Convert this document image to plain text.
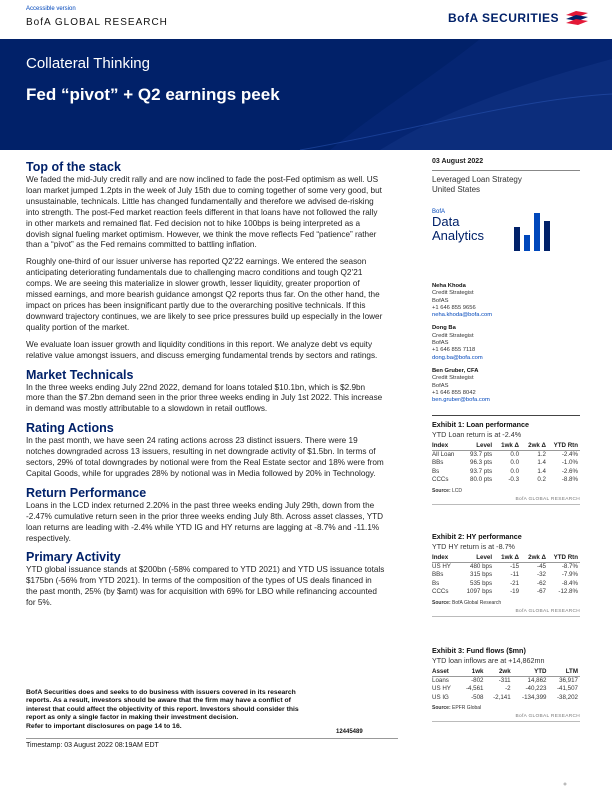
Accessible version
BofA GLOBAL RESEARCH	BofA SECURITIES
Collateral Thinking
Fed “pivot” + Q2 earnings peek
Top of the stack

We faded the mid-July credit rally and are now inclined to fade the post-Fed optimism as well. US loan market jumped 1.2pts in the week of July 15th due to coming together of some very good, but unsustainable, technicals. Little has changed fundamentally and therefore we advised de-risking into strength. The post-Fed market reaction feels different in that loans have not followed the rally in other markets and remained flat. Fed decision not to hike 100bps is being interpreted as a dovish signal fueling market optimism. However, we think the move reflects Fed “patience” rather than a “pivot” as the Fed remains committed to battling inflation.

Roughly one-third of our issuer universe has reported Q2’22 earnings. We entered the season anticipating deteriorating fundamentals due to challenging macro conditions and tough Q2’21 comps. We are seeing this materialize in slower growth, lesser liquidity, greater proportion of missed earnings, and more bearish guidance amongst Q2 reports thus far. On the other hand, the impact on prices has been insignificant partly due to the overarching positive technicals. If this downward trajectory continues, we are likely to see price pressures build up especially in the lower quality portion of the market.

We evaluate loan issuer growth and liquidity conditions in this report. We analyze debt vs equity relative value amongst issuers, and discuss emerging fundamental trends by sectors and ratings.

Market Technicals

In the three weeks ending July 22nd 2022, demand for loans totaled $10.1bn, which is $2.9bn more than the $7.2bn demand seen in the prior three weeks ending in July 1st 2022. This increase in demand was mostly attributable to a slowdown in retail outflows.

Rating Actions

In the past month, we have seen 24 rating actions across 23 distinct issuers. There were 19 notches downgraded across 13 issuers, resulting in net downgrade activity of $1.5bn. In terms of sectors, 29% of total downgrades by notional were from the Real Estate sector and 18% were from Capital Goods, while for upgrades 28% by notional was in Media followed by 20% in Technology.

Return Performance

Loans in the LCD index returned 2.20% in the past three weeks ending July 29th, down from the -2.47% cumulative return seen in the prior three weeks ending July 8th. Across asset classes, YTD loan returns are leading with -2.4% while YTD IG and HY returns are lagging at -8.7% and -11.1% respectively.

Primary Activity

YTD global issuance stands at $200bn (-58% compared to YTD 2021) and YTD US issuance totals $175bn (-56% from YTD 2021). In terms of the composition of the types of US deals financed in the past month, 25% (by $amt) was for acquisition with 69% for LBO while refinancing accounted for 5%.

03 August 2022
Leveraged Loan Strategy
United States
BofA
Data
Analytics
Neha Khoda
Credit Strategist
BofAS
+1 646 855 9656
neha.khoda@bofa.com
Dong Ba
Credit Strategist
BofAS
+1 646 855 7118
dong.ba@bofa.com
Ben Gruber, CFA
Credit Strategist
BofAS
+1 646 855 8042
ben.gruber@bofa.com
Exhibit 1: Loan performance
YTD Loan return is at -2.4%
Index	Level	1wk Δ	2wk Δ	YTD Rtn
All Loan	93.7 pts	0.0	1.2	-2.4%
BBs	96.3 pts	0.0	1.4	-1.0%
Bs	93.7 pts	0.0	1.4	-2.6%
CCCs	80.0 pts	-0.3	0.2	-8.8%
Source: LCD
BofA GLOBAL RESEARCH
Exhibit 2: HY performance
YTD HY return is at -8.7%
Index	Level	1wk Δ	2wk Δ	YTD Rtn
US HY	480 bps	-15	-45	-8.7%
BBs	315 bps	-11	-32	-7.9%
Bs	535 bps	-21	-62	-8.4%
CCCs	1097 bps	-19	-67	-12.8%
Source: BofA Global Research
BofA GLOBAL RESEARCH
Exhibit 3: Fund flows ($mn)
YTD loan inflows are at +14,862mn
Asset	1wk	2wk	YTD	LTM
Loans	-802	-311	14,862	36,917
US HY	-4,561	-2	-40,223	-41,507
US IG	-508	-2,141	-134,399	-38,202
Source: EPFR Global
BofA GLOBAL RESEARCH
BofA Securities does and seeks to do business with issuers covered in its research
reports. As a result, investors should be aware that the firm may have a conflict of
interest that could affect the objectivity of this report. Investors should consider this
report as only a single factor in making their investment decision.
Refer to important disclosures on page 14 to 16.
12445489
Timestamp: 03 August 2022 08:19AM EDT
